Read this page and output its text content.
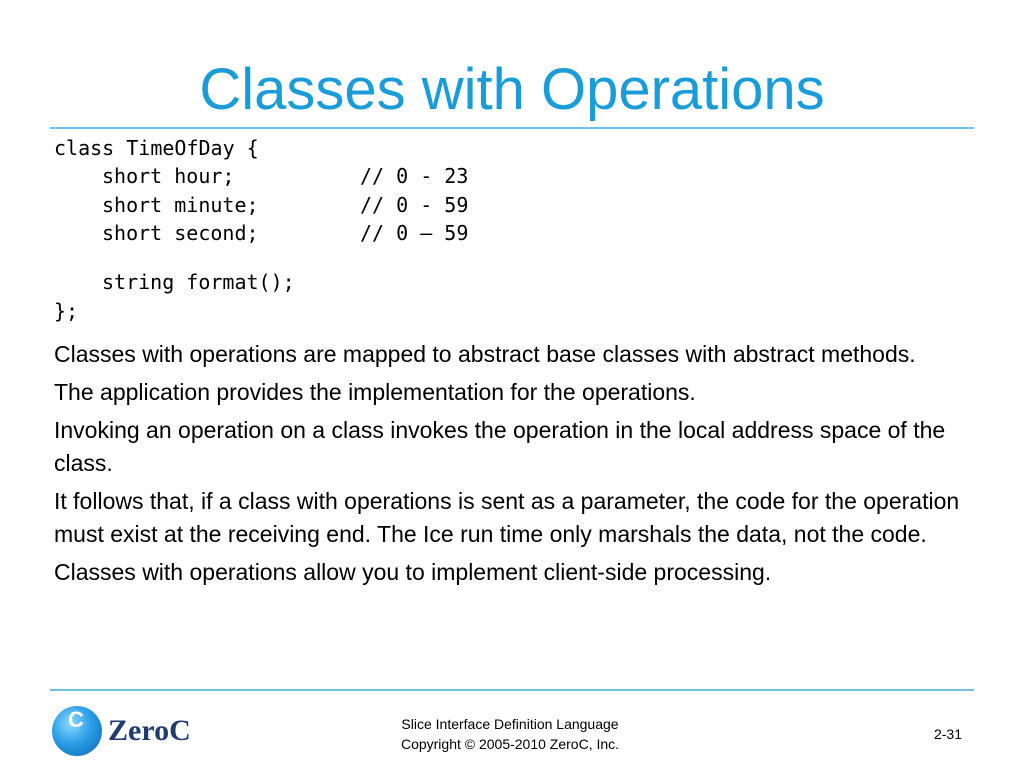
Classes with Operations
class TimeOfDay {
short hour;	// 0 - 23
short minute;	// 0 - 59
short second;	// 0 – 59
string format();
};
Classes with operations are mapped to abstract base classes with abstract methods.
The application provides the implementation for the operations.
Invoking an operation on a class invokes the operation in the local address space of the class.
It follows that, if a class with operations is sent as a parameter, the code for the operation must exist at the receiving end. The Ice run time only marshals the data, not the code.
Classes with operations allow you to implement client-side processing.
C ZeroC	Slice Interface Definition Language
Copyright © 2005-2010 ZeroC, Inc.
2-31
